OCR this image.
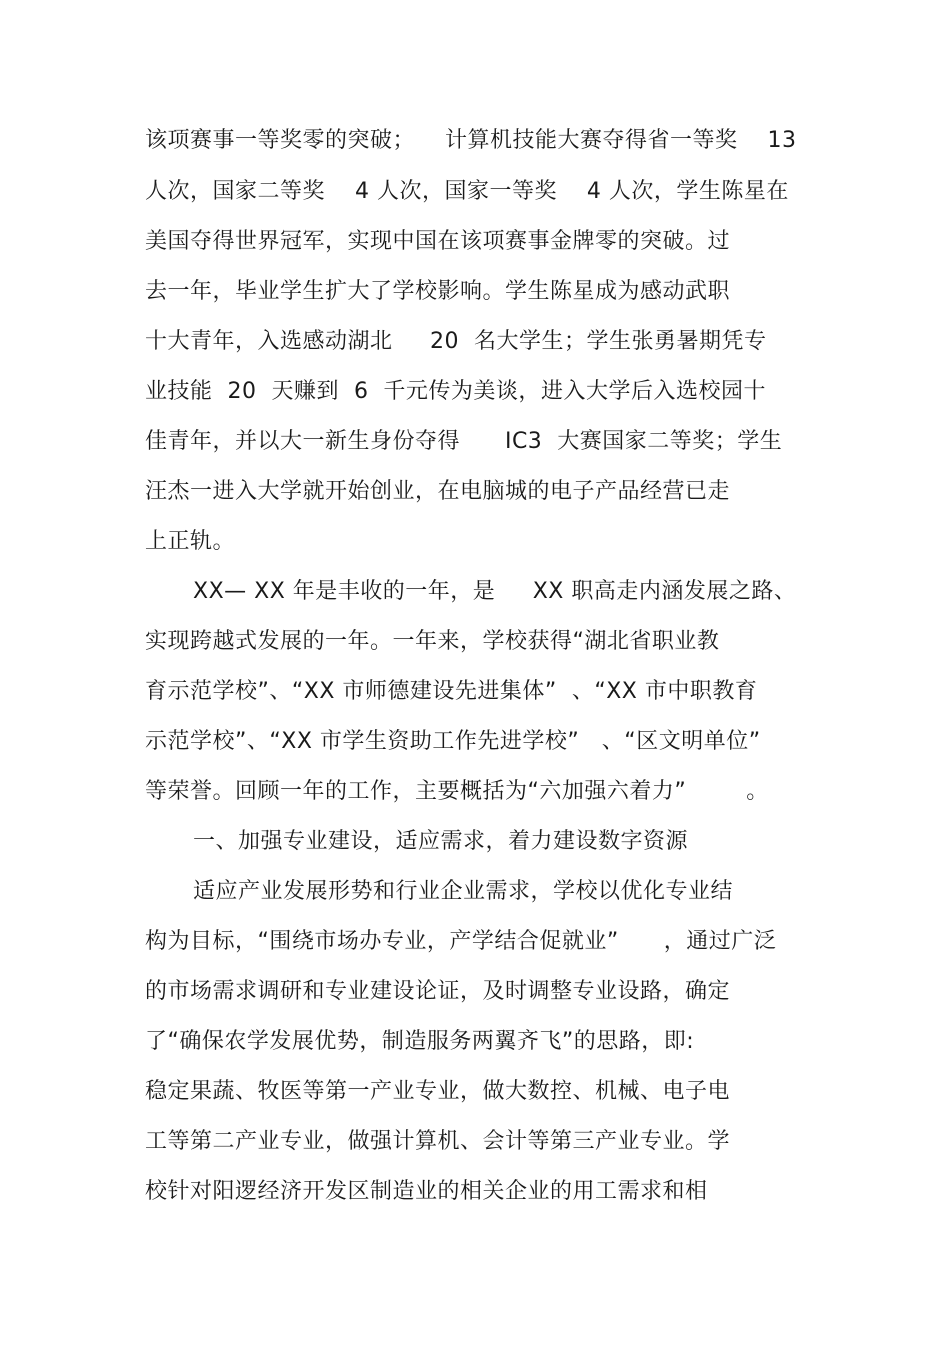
该项赛事一等奖零的突破；    计算机技能大赛夺得省一等奖    13
人次，国家二等奖    4 人次，国家一等奖    4 人次，学生陈星在
美国夺得世界冠军，实现中国在该项赛事金牌零的突破。过
去一年，毕业学生扩大了学校影响。学生陈星成为感动武职
十大青年，入选感动湖北     20  名大学生；学生张勇暑期凭专
业技能  20  天赚到  6  千元传为美谈，进入大学后入选校园十
佳青年，并以大一新生身份夺得      IC3  大赛国家二等奖；学生
汪杰一进入大学就开始创业，在电脑城的电子产品经营已走
上正轨。
XX— XX 年是丰收的一年，是     XX 职高走内涵发展之路、
实现跨越式发展的一年。一年来，学校获得“湖北省职业教
育示范学校”、“XX 市师德建设先进集体”  、“XX 市中职教育
示范学校”、“XX 市学生资助工作先进学校”   、“区文明单位”
等荣誉。回顾一年的工作，主要概括为“六加强六着力”        。
一、加强专业建设，适应需求，着力建设数字资源
适应产业发展形势和行业企业需求，学校以优化专业结
构为目标，“围绕市场办专业，产学结合促就业”      ，通过广泛
的市场需求调研和专业建设论证，及时调整专业设路，确定
了“确保农学发展优势，制造服务两翼齐飞”的思路，即:
稳定果蔬、牧医等第一产业专业，做大数控、机械、电子电
工等第二产业专业，做强计算机、会计等第三产业专业。学
校针对阳逻经济开发区制造业的相关企业的用工需求和相
